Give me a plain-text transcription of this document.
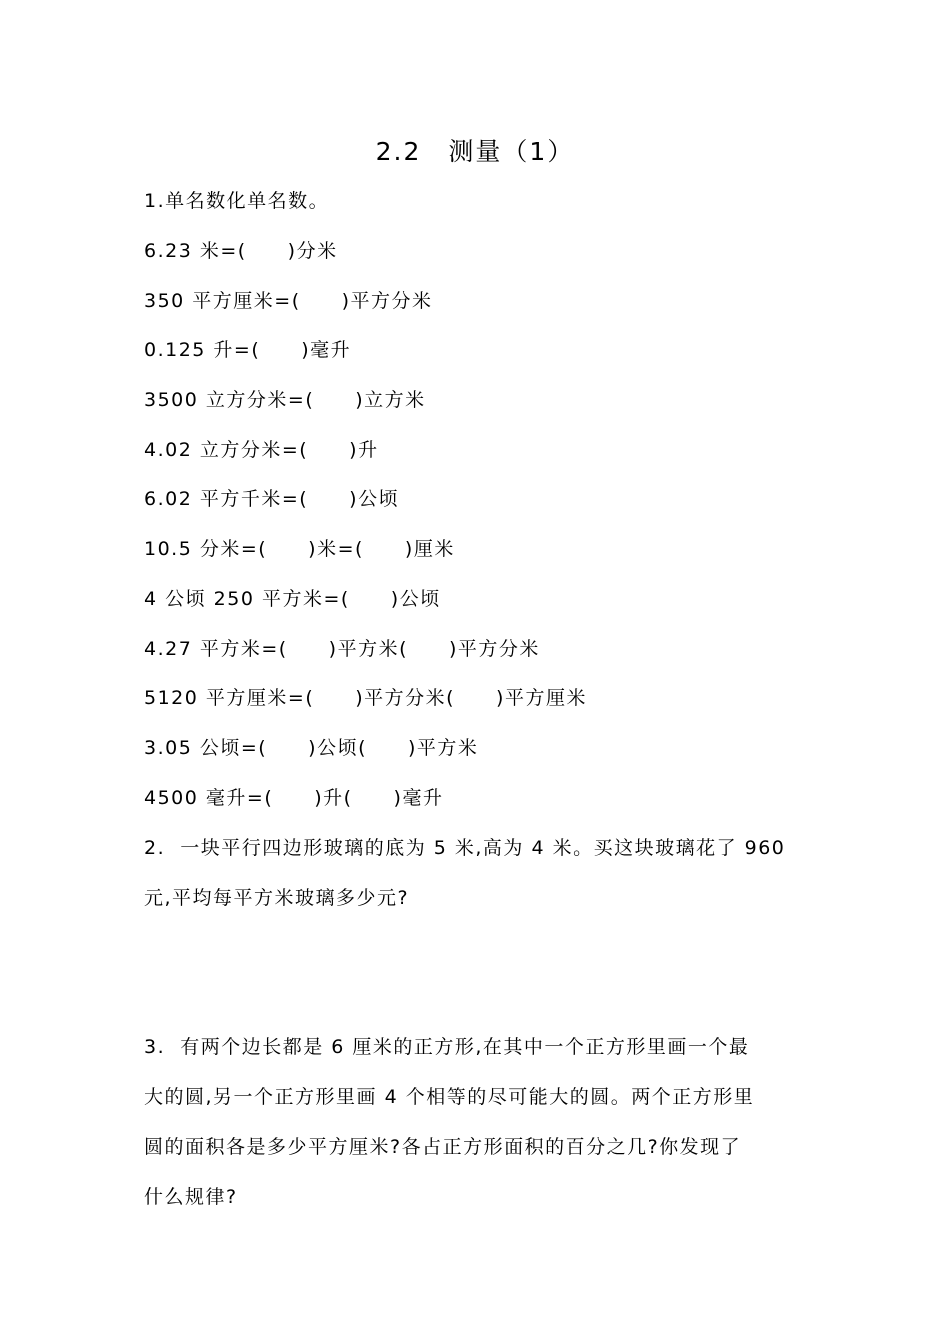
2.2　测量（1）
1.单名数化单名数。
6.23 米=(　　)分米
350 平方厘米=(　　)平方分米
0.125 升=(　　)毫升
3500 立方分米=(　　)立方米
4.02 立方分米=(　　)升
6.02 平方千米=(　　)公顷
10.5 分米=(　　)米=(　　)厘米
4 公顷 250 平方米=(　　)公顷
4.27 平方米=(　　)平方米(　　)平方分米
5120 平方厘米=(　　)平方分米(　　)平方厘米
3.05 公顷=(　　)公顷(　　)平方米
4500 毫升=(　　)升(　　)毫升

2.  一块平行四边形玻璃的底为 5 米,高为 4 米。买这块玻璃花了 960

元,平均每平方米玻璃多少元?

3.  有两个边长都是 6 厘米的正方形,在其中一个正方形里画一个最

大的圆,另一个正方形里画 4 个相等的尽可能大的圆。两个正方形里

圆的面积各是多少平方厘米?各占正方形面积的百分之几?你发现了

什么规律?
